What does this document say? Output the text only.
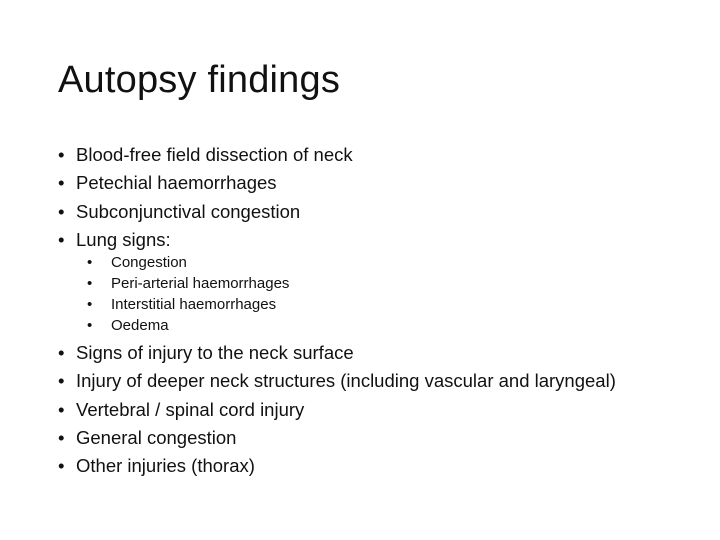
Autopsy findings
• Blood-free field dissection of neck
• Petechial haemorrhages
• Subconjunctival congestion
• Lung signs:
• Congestion
• Peri-arterial haemorrhages
• Interstitial haemorrhages
• Oedema
• Signs of injury to the neck surface
• Injury of deeper neck structures (including vascular and laryngeal)
• Vertebral / spinal cord injury
• General congestion
• Other injuries (thorax)
